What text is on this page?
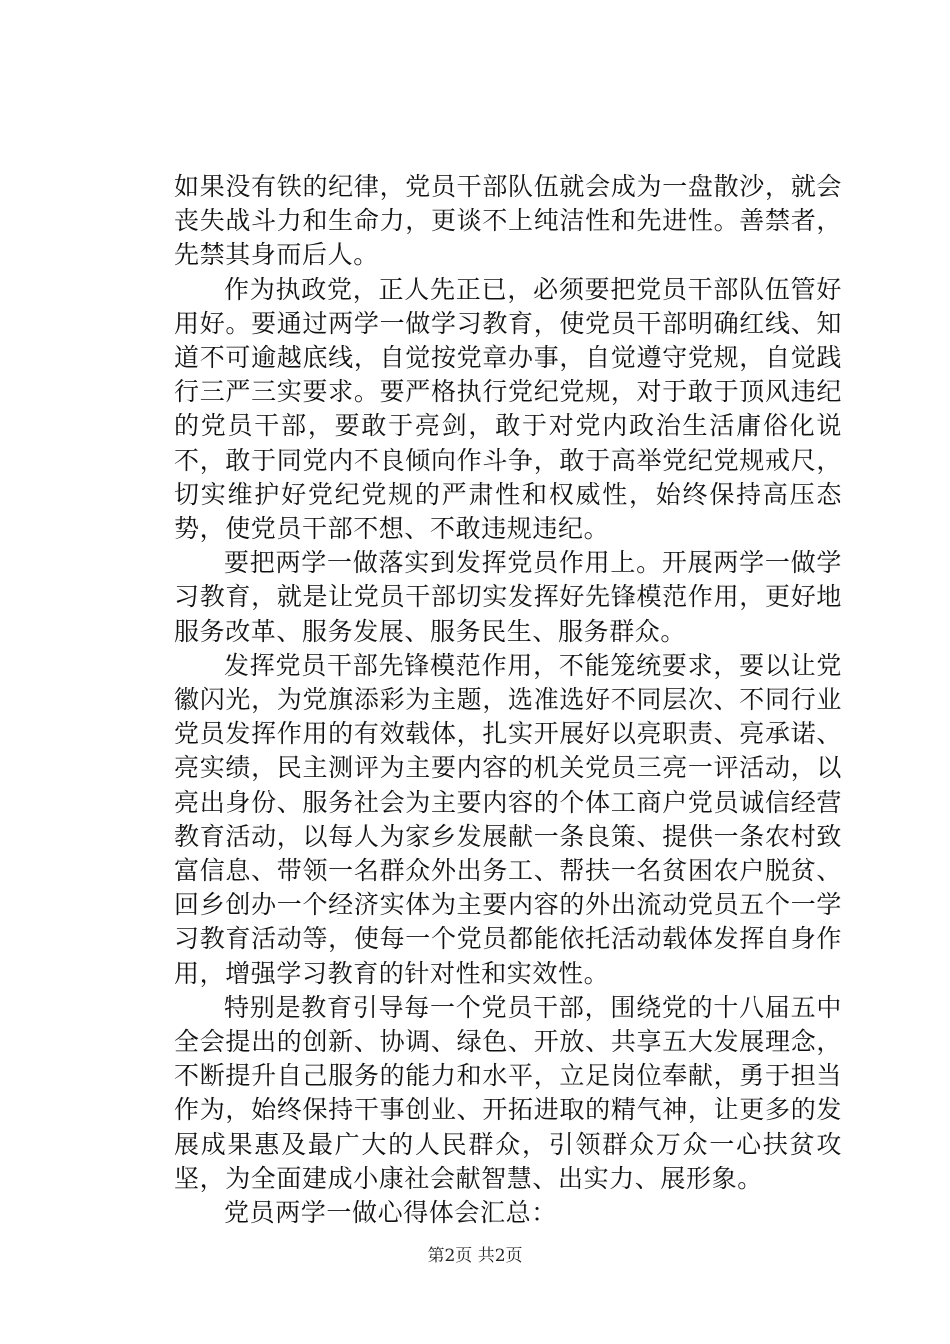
如果没有铁的纪律，党员干部队伍就会成为一盘散沙，就会丧失战斗力和生命力，更谈不上纯洁性和先进性。善禁者，先禁其身而后人。

作为执政党，正人先正已，必须要把党员干部队伍管好用好。要通过两学一做学习教育，使党员干部明确红线、知道不可逾越底线，自觉按党章办事，自觉遵守党规，自觉践行三严三实要求。要严格执行党纪党规，对于敢于顶风违纪的党员干部，要敢于亮剑，敢于对党内政治生活庸俗化说不，敢于同党内不良倾向作斗争，敢于高举党纪党规戒尺，切实维护好党纪党规的严肃性和权威性，始终保持高压态势，使党员干部不想、不敢违规违纪。

要把两学一做落实到发挥党员作用上。开展两学一做学习教育，就是让党员干部切实发挥好先锋模范作用，更好地服务改革、服务发展、服务民生、服务群众。

发挥党员干部先锋模范作用，不能笼统要求，要以让党徽闪光，为党旗添彩为主题，选准选好不同层次、不同行业党员发挥作用的有效载体，扎实开展好以亮职责、亮承诺、亮实绩，民主测评为主要内容的机关党员三亮一评活动，以亮出身份、服务社会为主要内容的个体工商户党员诚信经营教育活动，以每人为家乡发展献一条良策、提供一条农村致富信息、带领一名群众外出务工、帮扶一名贫困农户脱贫、回乡创办一个经济实体为主要内容的外出流动党员五个一学习教育活动等，使每一个党员都能依托活动载体发挥自身作用，增强学习教育的针对性和实效性。

特别是教育引导每一个党员干部，围绕党的十八届五中全会提出的创新、协调、绿色、开放、共享五大发展理念，不断提升自己服务的能力和水平，立足岗位奉献，勇于担当作为，始终保持干事创业、开拓进取的精气神，让更多的发展成果惠及最广大的人民群众，引领群众万众一心扶贫攻坚，为全面建成小康社会献智慧、出实力、展形象。

党员两学一做心得体会汇总：

第2页 共2页
